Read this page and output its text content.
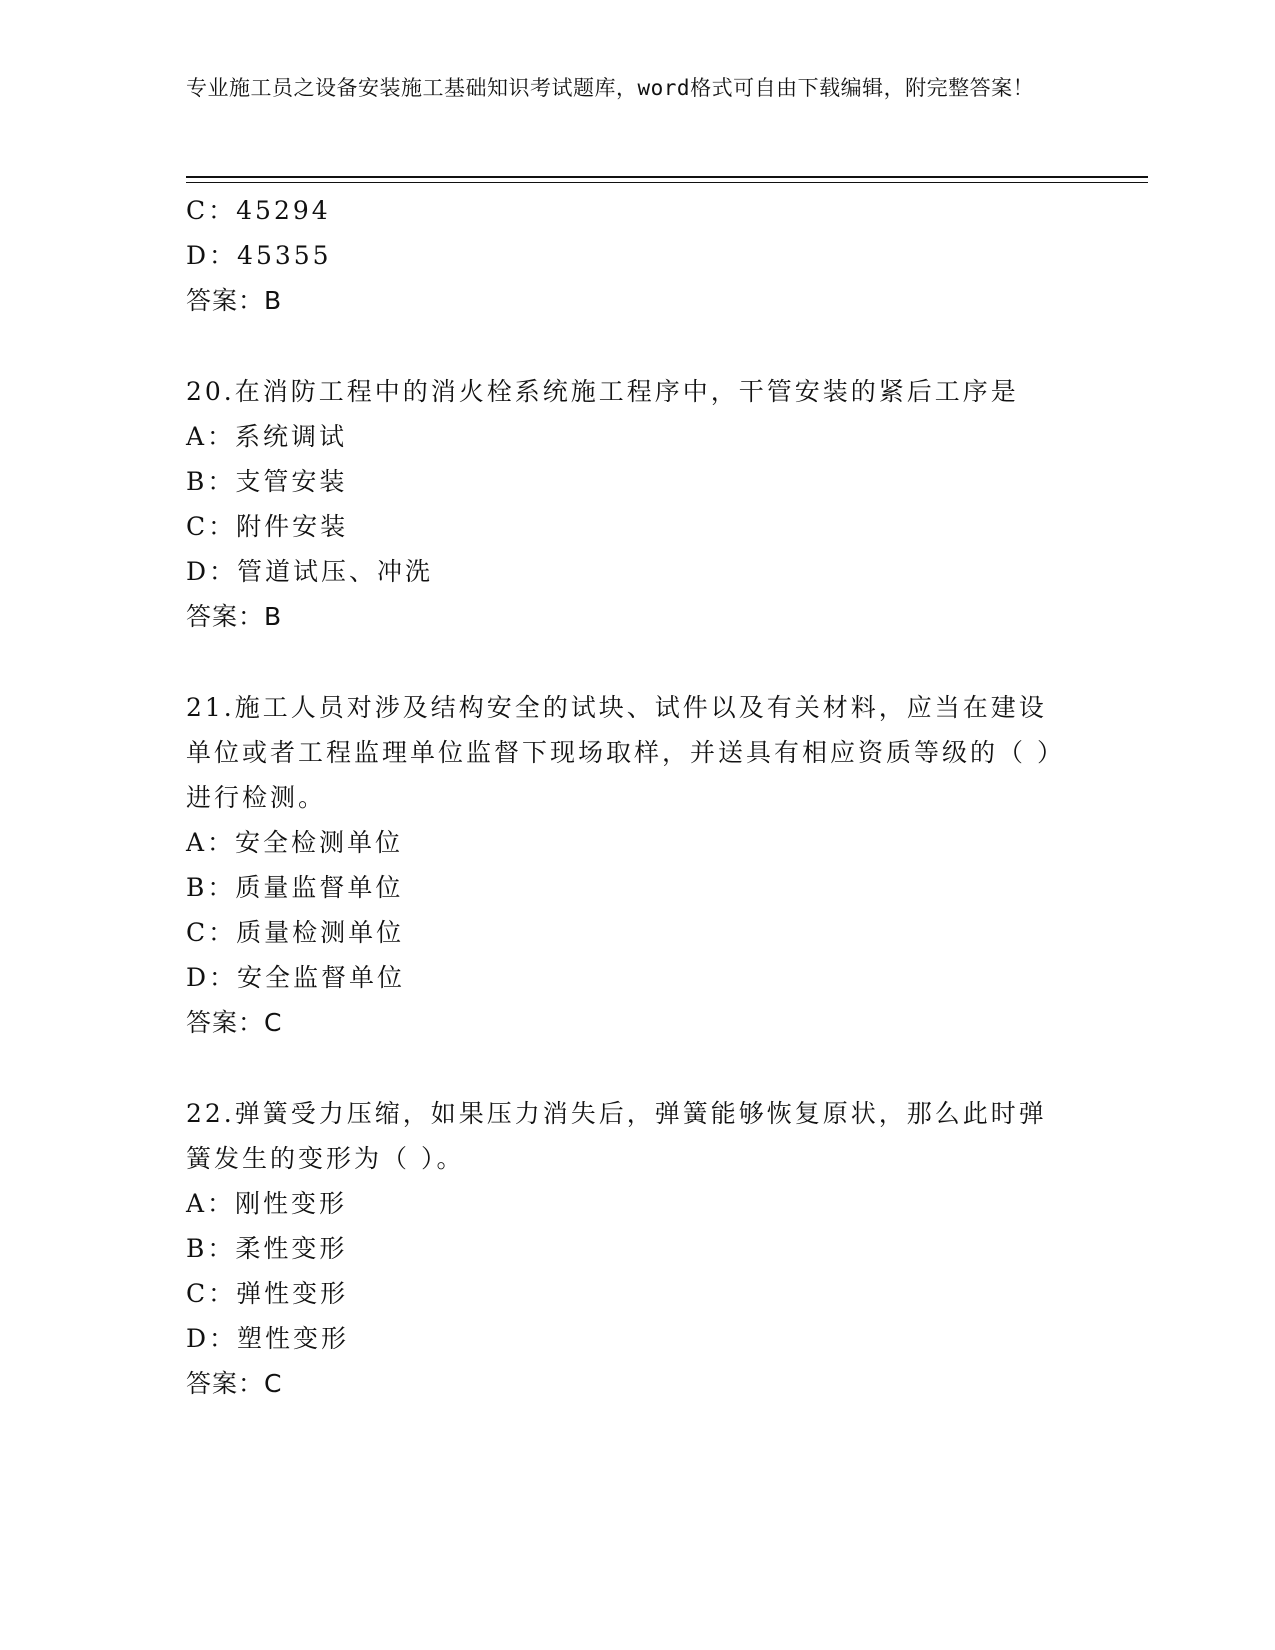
专业施工员之设备安装施工基础知识考试题库，word格式可自由下载编辑，附完整答案！
C：45294
D：45355
答案：B
20.在消防工程中的消火栓系统施工程序中，干管安装的紧后工序是
A：系统调试
B：支管安装
C：附件安装
D：管道试压、冲洗
答案：B
21.施工人员对涉及结构安全的试块、试件以及有关材料，应当在建设单位或者工程监理单位监督下现场取样，并送具有相应资质等级的（ ）进行检测。
A：安全检测单位
B：质量监督单位
C：质量检测单位
D：安全监督单位
答案：C
22.弹簧受力压缩，如果压力消失后，弹簧能够恢复原状，那么此时弹簧发生的变形为（ ）。
A：刚性变形
B：柔性变形
C：弹性变形
D：塑性变形
答案：C
